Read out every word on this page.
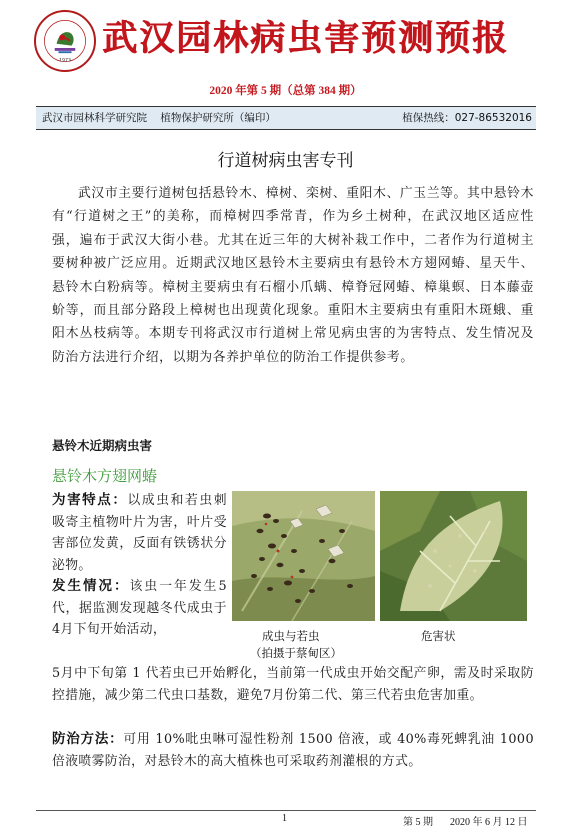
1973
武汉园林病虫害预测预报
2020 年第 5 期（总第 384 期）
武汉市园林科学研究院    植物保护研究所（编印）	植保热线：027-86532016
行道树病虫害专刊

武汉市主要行道树包括悬铃木、樟树、栾树、重阳木、广玉兰等。其中悬铃木有“行道树之王”的美称，而樟树四季常青，作为乡土树种，在武汉地区适应性强，遍布于武汉大街小巷。尤其在近三年的大树补栽工作中，二者作为行道树主要树种被广泛应用。近期武汉地区悬铃木主要病虫有悬铃木方翅网蝽、星天牛、悬铃木白粉病等。樟树主要病虫有石榴小爪螨、樟脊冠网蝽、樟巢螟、日本藤壶蚧等，而且部分路段上樟树也出现黄化现象。重阳木主要病虫有重阳木斑蛾、重阳木丛枝病等。本期专刊将武汉市行道树上常见病虫害的为害特点、发生情况及防治方法进行介绍，以期为各养护单位的防治工作提供参考。

悬铃木近期病虫害
悬铃木方翅网蝽
为害特点：以成虫和若虫刺吸寄主植物叶片为害，叶片受害部位发黄，反面有铁锈状分泌物。
发生情况：该虫一年发生5代，据监测发现越冬代成虫于 4月下旬开始活动，	成虫与若虫
（拍摄于蔡甸区）
危害状

5月中下旬第 1 代若虫已开始孵化，当前第一代成虫开始交配产卵，需及时采取防控措施，减少第二代虫口基数，避免7月份第二代、第三代若虫危害加重。

防治方法：可用 10%吡虫啉可湿性粉剂 1500 倍液，或 40%毒死蜱乳油 1000 倍液喷雾防治，对悬铃木的高大植株也可采取药剂灌根的方式。
1	第 5 期 2020 年 6 月 12 日
